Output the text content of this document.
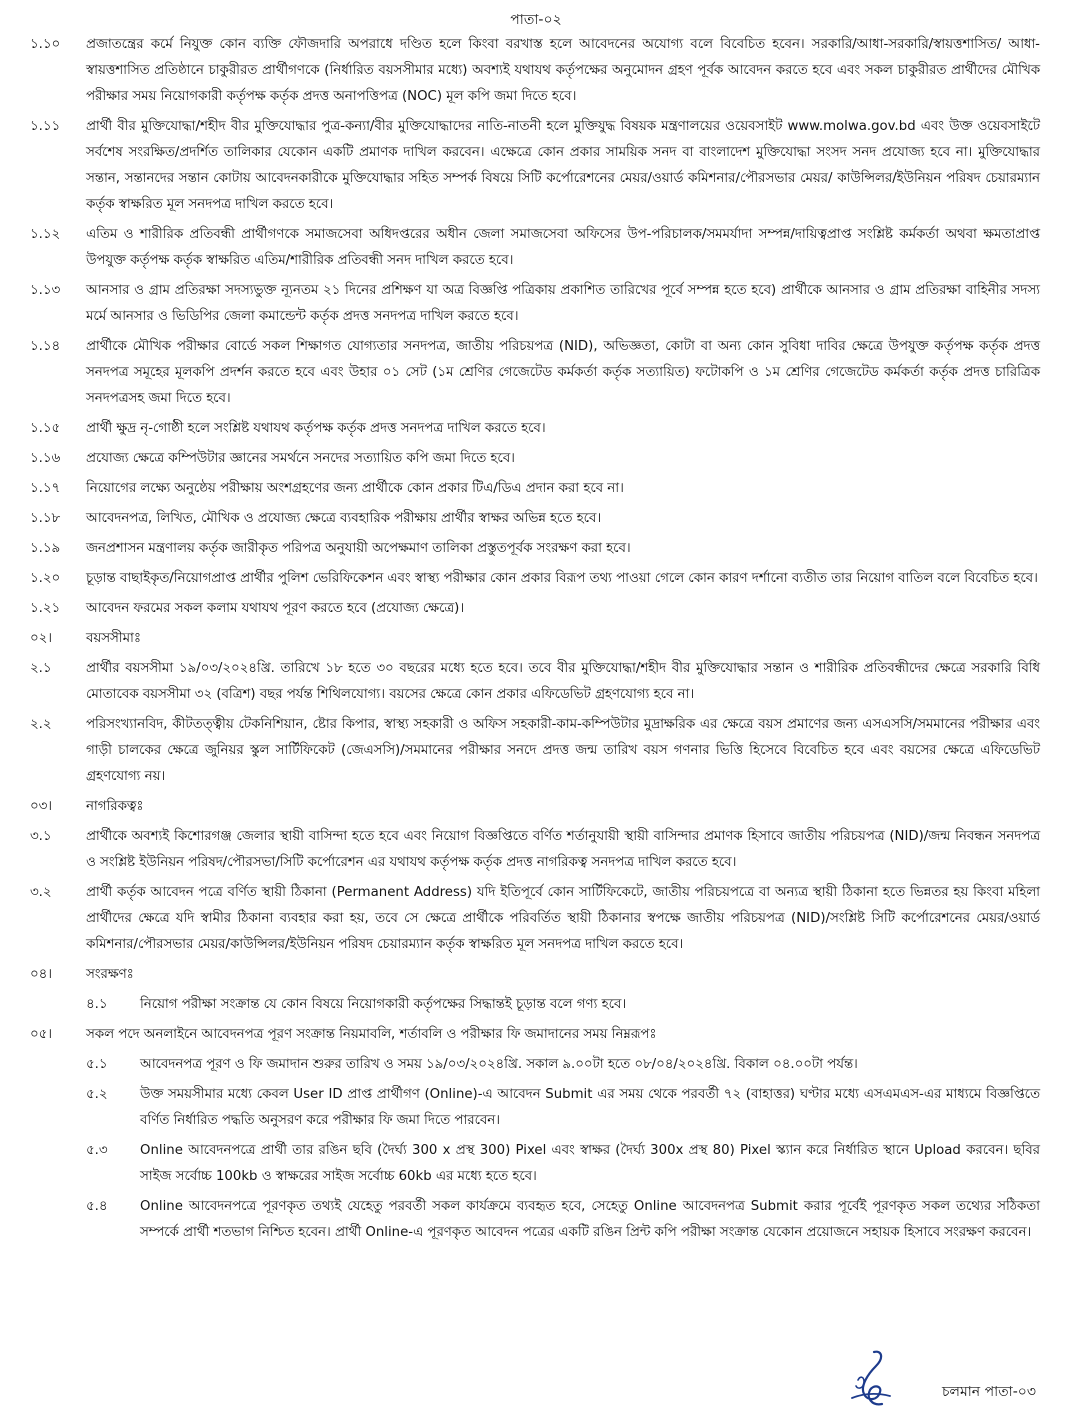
পাতা-০২
১.১০	প্রজাতন্ত্রের কর্মে নিযুক্ত কোন ব্যক্তি ফৌজদারি অপরাধে দণ্ডিত হলে কিংবা বরখাস্ত হলে আবেদনের অযোগ্য বলে বিবেচিত হবেন। সরকারি/আধা-সরকারি/স্বায়ত্তশাসিত/ আধা-স্বায়ত্তশাসিত প্রতিষ্ঠানে চাকুরীরত প্রার্থীগণকে (নির্ধারিত বয়সসীমার মধ্যে) অবশ্যই যথাযথ কর্তৃপক্ষের অনুমোদন গ্রহণ পূর্বক আবেদন করতে হবে এবং সকল চাকুরীরত প্রার্থীদের মৌখিক পরীক্ষার সময় নিয়োগকারী কর্তৃপক্ষ কর্তৃক প্রদত্ত অনাপত্তিপত্র (NOC) মূল কপি জমা দিতে হবে।
১.১১	প্রার্থী বীর মুক্তিযোদ্ধা/শহীদ বীর মুক্তিযোদ্ধার পুত্র-কন্যা/বীর মুক্তিযোদ্ধাদের নাতি-নাতনী হলে মুক্তিযুদ্ধ বিষয়ক মন্ত্রণালয়ের ওয়েবসাইট www.molwa.gov.bd এবং উক্ত ওয়েবসাইটে সর্বশেষ সংরক্ষিত/প্রদর্শিত তালিকার যেকোন একটি প্রমাণক দাখিল করবেন। এক্ষেত্রে কোন প্রকার সাময়িক সনদ বা বাংলাদেশ মুক্তিযোদ্ধা সংসদ সনদ প্রযোজ্য হবে না। মুক্তিযোদ্ধার সন্তান, সন্তানদের সন্তান কোটায় আবেদনকারীকে মুক্তিযোদ্ধার সহিত সম্পর্ক বিষয়ে সিটি কর্পোরেশনের মেয়র/ওয়ার্ড কমিশনার/পৌরসভার মেয়র/ কাউন্সিলর/ইউনিয়ন পরিষদ চেয়ারম্যান কর্তৃক স্বাক্ষরিত মূল সনদপত্র দাখিল করতে হবে।
১.১২	এতিম ও শারীরিক প্রতিবন্ধী প্রার্থীগণকে সমাজসেবা অধিদপ্তরের অধীন জেলা সমাজসেবা অফিসের উপ-পরিচালক/সমমর্যাদা সম্পন্ন/দায়িত্বপ্রাপ্ত সংশ্লিষ্ট কর্মকর্তা অথবা ক্ষমতাপ্রাপ্ত উপযুক্ত কর্তৃপক্ষ কর্তৃক স্বাক্ষরিত এতিম/শারীরিক প্রতিবন্ধী সনদ দাখিল করতে হবে।
১.১৩	আনসার ও গ্রাম প্রতিরক্ষা সদস্যভুক্ত ন্যূনতম ২১ দিনের প্রশিক্ষণ যা অত্র বিজ্ঞপ্তি পত্রিকায় প্রকাশিত তারিখের পূর্বে সম্পন্ন হতে হবে) প্রার্থীকে আনসার ও গ্রাম প্রতিরক্ষা বাহিনীর সদস্য মর্মে আনসার ও ভিডিপির জেলা কমান্ডেন্ট কর্তৃক প্রদত্ত সনদপত্র দাখিল করতে হবে।
১.১৪	প্রার্থীকে মৌখিক পরীক্ষার বোর্ডে সকল শিক্ষাগত যোগ্যতার সনদপত্র, জাতীয় পরিচয়পত্র (NID), অভিজ্ঞতা, কোটা বা অন্য কোন সুবিধা দাবির ক্ষেত্রে উপযুক্ত কর্তৃপক্ষ কর্তৃক প্রদত্ত সনদপত্র সমূহের মূলকপি প্রদর্শন করতে হবে এবং উহার ০১ সেট (১ম শ্রেণির গেজেটেড কর্মকর্তা কর্তৃক সত্যায়িত) ফটোকপি ও ১ম শ্রেণির গেজেটেড কর্মকর্তা কর্তৃক প্রদত্ত চারিত্রিক সনদপত্রসহ জমা দিতে হবে।
১.১৫	প্রার্থী ক্ষুদ্র নৃ-গোষ্ঠী হলে সংশ্লিষ্ট যথাযথ কর্তৃপক্ষ কর্তৃক প্রদত্ত সনদপত্র দাখিল করতে হবে।
১.১৬	প্রযোজ্য ক্ষেত্রে কম্পিউটার জ্ঞানের সমর্থনে সনদের সত্যায়িত কপি জমা দিতে হবে।
১.১৭	নিয়োগের লক্ষ্যে অনুষ্ঠেয় পরীক্ষায় অংশগ্রহণের জন্য প্রার্থীকে কোন প্রকার টিএ/ডিএ প্রদান করা হবে না।
১.১৮	আবেদনপত্র, লিখিত, মৌখিক ও প্রযোজ্য ক্ষেত্রে ব্যবহারিক পরীক্ষায় প্রার্থীর স্বাক্ষর অভিন্ন হতে হবে।
১.১৯	জনপ্রশাসন মন্ত্রণালয় কর্তৃক জারীকৃত পরিপত্র অনুযায়ী অপেক্ষমাণ তালিকা প্রস্তুতপূর্বক সংরক্ষণ করা হবে।
১.২০	চূড়ান্ত বাছাইকৃত/নিয়োগপ্রাপ্ত প্রার্থীর পুলিশ ভেরিফিকেশন এবং স্বাস্থ্য পরীক্ষার কোন প্রকার বিরূপ তথ্য পাওয়া গেলে কোন কারণ দর্শানো ব্যতীত তার নিয়োগ বাতিল বলে বিবেচিত হবে।
১.২১	আবেদন ফরমের সকল কলাম যথাযথ পূরণ করতে হবে (প্রযোজ্য ক্ষেত্রে)।
০২।	বয়সসীমাঃ
২.১	প্রার্থীর বয়সসীমা ১৯/০৩/২০২৪খ্রি. তারিখে ১৮ হতে ৩০ বছরের মধ্যে হতে হবে। তবে বীর মুক্তিযোদ্ধা/শহীদ বীর মুক্তিযোদ্ধার সন্তান ও শারীরিক প্রতিবন্ধীদের ক্ষেত্রে সরকারি বিধি মোতাবেক বয়সসীমা ৩২ (বত্রিশ) বছর পর্যন্ত শিথিলযোগ্য। বয়সের ক্ষেত্রে কোন প্রকার এফিডেভিট গ্রহণযোগ্য হবে না।
২.২	পরিসংখ্যানবিদ, কীটতত্ত্বীয় টেকনিশিয়ান, ষ্টোর কিপার, স্বাস্থ্য সহকারী ও অফিস সহকারী-কাম-কম্পিউটার মুদ্রাক্ষরিক এর ক্ষেত্রে বয়স প্রমাণের জন্য এসএসসি/সমমানের পরীক্ষার এবং গাড়ী চালকের ক্ষেত্রে জুনিয়র স্কুল সার্টিফিকেট (জেএসসি)/সমমানের পরীক্ষার সনদে প্রদত্ত জন্ম তারিখ বয়স গণনার ভিত্তি হিসেবে বিবেচিত হবে এবং বয়সের ক্ষেত্রে এফিডেভিট গ্রহণযোগ্য নয়।
০৩।	নাগরিকত্বঃ
৩.১	প্রার্থীকে অবশ্যই কিশোরগঞ্জ জেলার স্থায়ী বাসিন্দা হতে হবে এবং নিয়োগ বিজ্ঞপ্তিতে বর্ণিত শর্তানুযায়ী স্থায়ী বাসিন্দার প্রমাণক হিসাবে জাতীয় পরিচয়পত্র (NID)/জন্ম নিবন্ধন সনদপত্র ও সংশ্লিষ্ট ইউনিয়ন পরিষদ/পৌরসভা/সিটি কর্পোরেশন এর যথাযথ কর্তৃপক্ষ কর্তৃক প্রদত্ত নাগরিকত্ব সনদপত্র দাখিল করতে হবে।
৩.২	প্রার্থী কর্তৃক আবেদন পত্রে বর্ণিত স্থায়ী ঠিকানা (Permanent Address) যদি ইতিপূর্বে কোন সার্টিফিকেটে, জাতীয় পরিচয়পত্রে বা অন্যত্র স্থায়ী ঠিকানা হতে ভিন্নতর হয় কিংবা মহিলা প্রার্থীদের ক্ষেত্রে যদি স্বামীর ঠিকানা ব্যবহার করা হয়, তবে সে ক্ষেত্রে প্রার্থীকে পরিবর্তিত স্থায়ী ঠিকানার স্বপক্ষে জাতীয় পরিচয়পত্র (NID)/সংশ্লিষ্ট সিটি কর্পোরেশনের মেয়র/ওয়ার্ড কমিশনার/পৌরসভার মেয়র/কাউন্সিলর/ইউনিয়ন পরিষদ চেয়ারম্যান কর্তৃক স্বাক্ষরিত মূল সনদপত্র দাখিল করতে হবে।
০৪।	সংরক্ষণঃ
৪.১	নিয়োগ পরীক্ষা সংক্রান্ত যে কোন বিষয়ে নিয়োগকারী কর্তৃপক্ষের সিদ্ধান্তই চূড়ান্ত বলে গণ্য হবে।
০৫।	সকল পদে অনলাইনে আবেদনপত্র পূরণ সংক্রান্ত নিয়মাবলি, শর্তাবলি ও পরীক্ষার ফি জমাদানের সময় নিম্নরূপঃ
৫.১	আবেদনপত্র পূরণ ও ফি জমাদান শুরুর তারিখ ও সময় ১৯/০৩/২০২৪খ্রি. সকাল ৯.০০টা হতে ০৮/০৪/২০২৪খ্রি. বিকাল ০৪.০০টা পর্যন্ত।
৫.২	উক্ত সময়সীমার মধ্যে কেবল User ID প্রাপ্ত প্রার্থীগণ (Online)-এ আবেদন Submit এর সময় থেকে পরবর্তী ৭২ (বাহাত্তর) ঘণ্টার মধ্যে এসএমএস-এর মাধ্যমে বিজ্ঞপ্তিতে বর্ণিত নির্ধারিত পদ্ধতি অনুসরণ করে পরীক্ষার ফি জমা দিতে পারবেন।
৫.৩	Online আবেদনপত্রে প্রার্থী তার রঙিন ছবি (দৈর্ঘ্য 300 x প্রস্থ 300) Pixel এবং স্বাক্ষর (দৈর্ঘ্য 300x প্রস্থ 80) Pixel স্ক্যান করে নির্ধারিত স্থানে Upload করবেন। ছবির সাইজ সর্বোচ্চ 100kb ও স্বাক্ষরের সাইজ সর্বোচ্চ 60kb এর মধ্যে হতে হবে।
৫.৪	Online আবেদনপত্রে পূরণকৃত তথ্যই যেহেতু পরবর্তী সকল কার্যক্রমে ব্যবহৃত হবে, সেহেতু Online আবেদনপত্র Submit করার পূর্বেই পূরণকৃত সকল তথ্যের সঠিকতা সম্পর্কে প্রার্থী শতভাগ নিশ্চিত হবেন। প্রার্থী Online-এ পূরণকৃত আবেদন পত্রের একটি রঙিন প্রিন্ট কপি পরীক্ষা সংক্রান্ত যেকোন প্রয়োজনে সহায়ক হিসাবে সংরক্ষণ করবেন।
চলমান পাতা-০৩
